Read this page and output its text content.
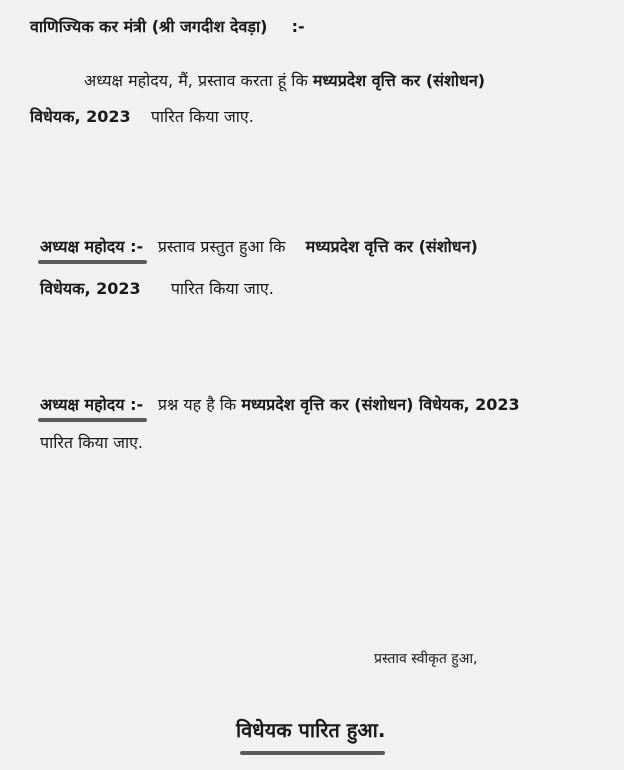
वाणिज्यिक कर मंत्री (श्री जगदीश देवड़ा) :-
अध्यक्ष महोदय, मैं, प्रस्ताव करता हूं कि मध्यप्रदेश वृत्ति कर (संशोधन)
विधेयक, 2023 पारित किया जाए.
अध्यक्ष महोदय :- प्रस्ताव प्रस्तुत हुआ कि मध्यप्रदेश वृत्ति कर (संशोधन)
विधेयक, 2023 पारित किया जाए.
अध्यक्ष महोदय :- प्रश्न यह है कि मध्यप्रदेश वृत्ति कर (संशोधन) विधेयक, 2023
पारित किया जाए.
प्रस्ताव स्वीकृत हुआ,
विधेयक पारित हुआ.
